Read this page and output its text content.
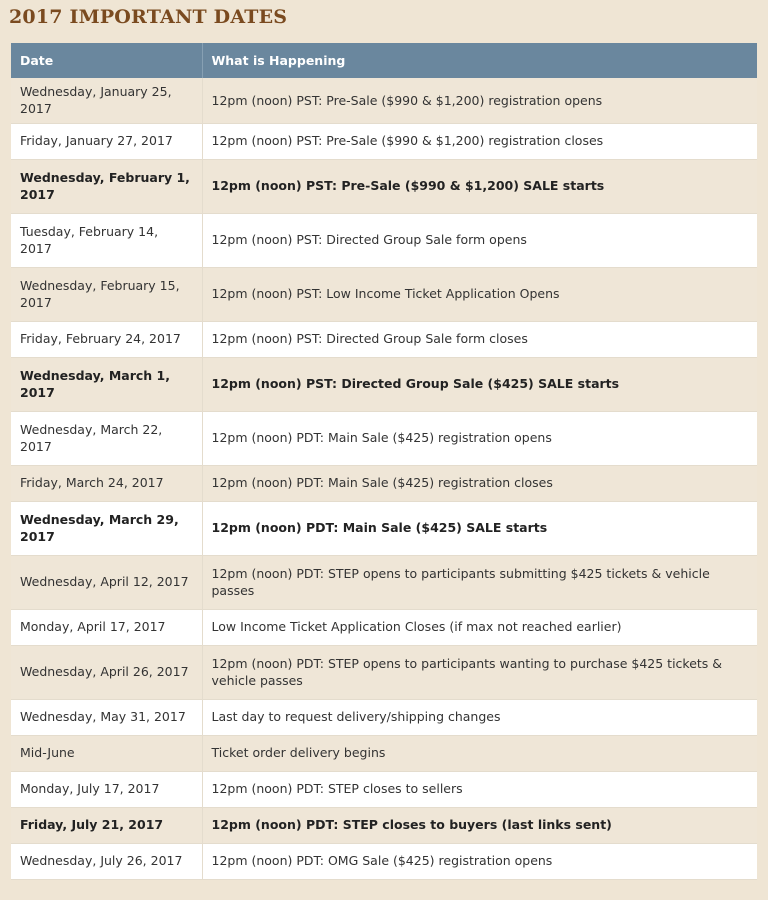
2017 IMPORTANT DATES
Date	What is Happening
Wednesday, January 25, 2017	12pm (noon) PST: Pre-Sale ($990 & $1,200) registration opens
Friday, January 27, 2017	12pm (noon) PST: Pre-Sale ($990 & $1,200) registration closes
Wednesday, February 1, 2017	12pm (noon) PST: Pre-Sale ($990 & $1,200) SALE starts
Tuesday, February 14, 2017	12pm (noon) PST: Directed Group Sale form opens
Wednesday, February 15, 2017	12pm (noon) PST: Low Income Ticket Application Opens
Friday, February 24, 2017	12pm (noon) PST: Directed Group Sale form closes
Wednesday, March 1, 2017	12pm (noon) PST: Directed Group Sale ($425) SALE starts
Wednesday, March 22, 2017	12pm (noon) PDT: Main Sale ($425) registration opens
Friday, March 24, 2017	12pm (noon) PDT: Main Sale ($425) registration closes
Wednesday, March 29, 2017	12pm (noon) PDT: Main Sale ($425) SALE starts
Wednesday, April 12, 2017	12pm (noon) PDT: STEP opens to participants submitting $425 tickets & vehicle passes
Monday, April 17, 2017	Low Income Ticket Application Closes (if max not reached earlier)
Wednesday, April 26, 2017	12pm (noon) PDT: STEP opens to participants wanting to purchase $425 tickets & vehicle passes
Wednesday, May 31, 2017	Last day to request delivery/shipping changes
Mid-June	Ticket order delivery begins
Monday, July 17, 2017	12pm (noon) PDT: STEP closes to sellers
Friday, July 21, 2017	12pm (noon) PDT: STEP closes to buyers (last links sent)
Wednesday, July 26, 2017	12pm (noon) PDT: OMG Sale ($425) registration opens
